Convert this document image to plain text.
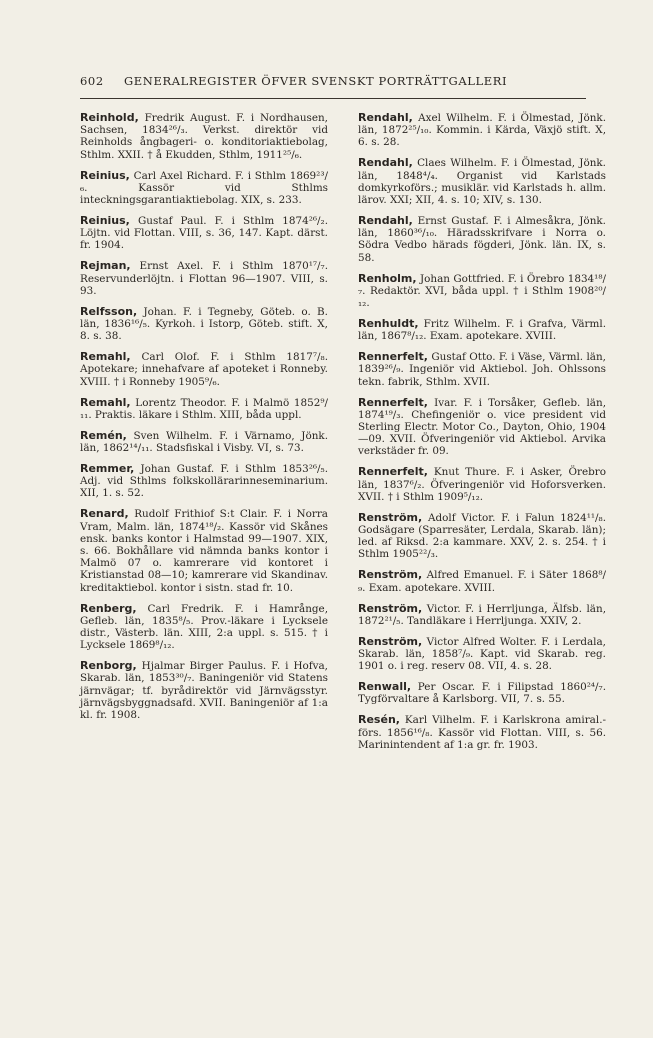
602 GENERALREGISTER ÖFVER SVENSKT PORTRÄTTGALLERI

Reinhold, Fredrik August. F. i Nordhausen, Sachsen, 1834²⁶/₃. Verkst. direktör vid Reinholds ångbageri- o. konditoriaktiebolag, Sthlm. XXII. † å Ekudden, Sthlm, 1911²⁵/₆.

Reinius, Carl Axel Richard. F. i Sthlm 1869²³/₆. Kassör vid Sthlms inteckningsgarantiaktiebolag. XIX, s. 233.

Reinius, Gustaf Paul. F. i Sthlm 1874²⁶/₂. Löjtn. vid Flottan. VIII, s. 36, 147. Kapt. därst. fr. 1904.

Rejman, Ernst Axel. F. i Sthlm 1870¹⁷/₇. Reservunderlöjtn. i Flottan 96—1907. VIII, s. 93.

Relfsson, Johan. F. i Tegneby, Göteb. o. B. län, 1836¹⁶/₅. Kyrkoh. i Istorp, Göteb. stift. X, 8. s. 38.

Remahl, Carl Olof. F. i Sthlm 1817⁷/₈. Apotekare; innehafvare af apoteket i Ronneby. XVIII. † i Ronneby 1905⁹/₆.

Remahl, Lorentz Theodor. F. i Malmö 1852⁹/₁₁. Praktis. läkare i Sthlm. XIII, båda uppl.

Remén, Sven Wilhelm. F. i Värnamo, Jönk. län, 1862¹⁴/₁₁. Stadsfiskal i Visby. VI, s. 73.

Remmer, Johan Gustaf. F. i Sthlm 1853²⁶/₅. Adj. vid Sthlms folkskollärarinneseminarium. XII, 1. s. 52.

Renard, Rudolf Frithiof S:t Clair. F. i Norra Vram, Malm. län, 1874¹⁸/₂. Kassör vid Skånes ensk. banks kontor i Halmstad 99—1907. XIX, s. 66. Bokhållare vid nämnda banks kontor i Malmö 07 o. kamrerare vid kontoret i Kristianstad 08—10; kamrerare vid Skandinav. kreditaktiebol. kontor i sistn. stad fr. 10.

Renberg, Carl Fredrik. F. i Hamrånge, Gefleb. län, 1835⁸/₅. Prov.-läkare i Lycksele distr., Västerb. län. XIII, 2:a uppl. s. 515. † i Lycksele 1869⁸/₁₂.

Renborg, Hjalmar Birger Paulus. F. i Hofva, Skarab. län, 1853³⁰/₇. Baningeniör vid Statens järnvägar; tf. byrådirektör vid Järnvägsstyr. järnvägsbyggnadsafd. XVII. Baningeniör af 1:a kl. fr. 1908.

Rendahl, Axel Wilhelm. F. i Ölmestad, Jönk. län, 1872²⁵/₁₀. Kommin. i Kärda, Växjö stift. X, 6. s. 28.

Rendahl, Claes Wilhelm. F. i Ölmestad, Jönk. län, 1848⁴/₄. Organist vid Karlstads domkyrkoförs.; musiklär. vid Karlstads h. allm. lärov. XXI; XII, 4. s. 10; XIV, s. 130.

Rendahl, Ernst Gustaf. F. i Almesåkra, Jönk. län, 1860³⁶/₁₀. Häradsskrifvare i Norra o. Södra Vedbo härads fögderi, Jönk. län. IX, s. 58.

Renholm, Johan Gottfried. F. i Örebro 1834¹⁸/₇. Redaktör. XVI, båda uppl. † i Sthlm 1908²⁰/₁₂.

Renhuldt, Fritz Wilhelm. F. i Grafva, Värml. län, 1867⁸/₁₂. Exam. apotekare. XVIII.

Rennerfelt, Gustaf Otto. F. i Väse, Värml. län, 1839²⁶/₉. Ingeniör vid Aktiebol. Joh. Ohlssons tekn. fabrik, Sthlm. XVII.

Rennerfelt, Ivar. F. i Torsåker, Gefleb. län, 1874¹⁹/₃. Chefingeniör o. vice president vid Sterling Electr. Motor Co., Dayton, Ohio, 1904—09. XVII. Öfveringeniör vid Aktiebol. Arvika verkstäder fr. 09.

Rennerfelt, Knut Thure. F. i Asker, Örebro län, 1837⁶/₂. Öfveringeniör vid Hoforsverken. XVII. † i Sthlm 1909⁵/₁₂.

Renström, Adolf Victor. F. i Falun 1824¹¹/₈. Godsägare (Sparresäter, Lerdala, Skarab. län); led. af Riksd. 2:a kammare. XXV, 2. s. 254. † i Sthlm 1905²²/₃.

Renström, Alfred Emanuel. F. i Säter 1868⁸/₉. Exam. apotekare. XVIII.

Renström, Victor. F. i Herrljunga, Älfsb. län, 1872²¹/₅. Tandläkare i Herrljunga. XXIV, 2.

Renström, Victor Alfred Wolter. F. i Lerdala, Skarab. län, 1858⁷/₉. Kapt. vid Skarab. reg. 1901 o. i reg. reserv 08. VII, 4. s. 28.

Renwall, Per Oscar. F. i Filipstad 1860²⁴/₇. Tygförvaltare å Karlsborg. VII, 7. s. 55.

Resén, Karl Vilhelm. F. i Karlskrona amiral.-förs. 1856¹⁶/₈. Kassör vid Flottan. VIII, s. 56. Marinintendent af 1:a gr. fr. 1903.
